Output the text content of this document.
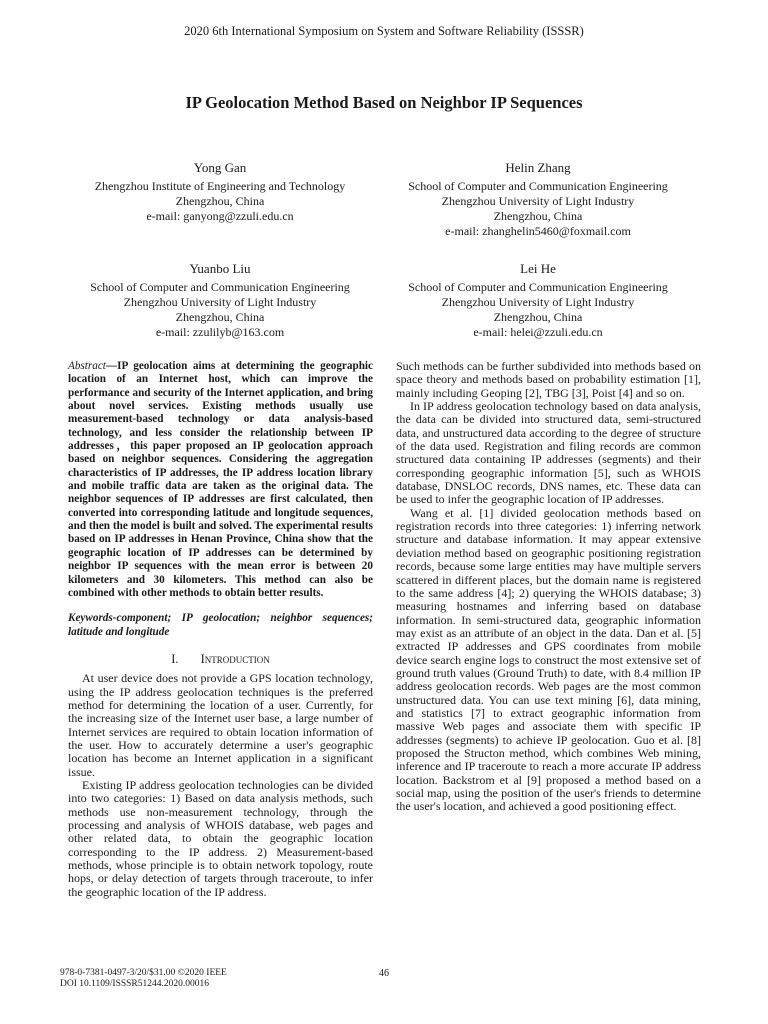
2020 6th International Symposium on System and Software Reliability (ISSSR)
IP Geolocation Method Based on Neighbor IP Sequences
Yong Gan
Zhengzhou Institute of Engineering and Technology
Zhengzhou, China
e-mail: ganyong@zzuli.edu.cn
Helin Zhang
School of Computer and Communication Engineering
Zhengzhou University of Light Industry
Zhengzhou, China
e-mail: zhanghelin5460@foxmail.com
Yuanbo Liu
School of Computer and Communication Engineering
Zhengzhou University of Light Industry
Zhengzhou, China
e-mail: zzulilyb@163.com
Lei He
School of Computer and Communication Engineering
Zhengzhou University of Light Industry
Zhengzhou, China
e-mail: helei@zzuli.edu.cn

Abstract—IP geolocation aims at determining the geographic location of an Internet host, which can improve the performance and security of the Internet application, and bring about novel services. Existing methods usually use measurement-based technology or data analysis-based technology, and less consider the relationship between IP addresses，this paper proposed an IP geolocation approach based on neighbor sequences. Considering the aggregation characteristics of IP addresses, the IP address location library and mobile traffic data are taken as the original data. The neighbor sequences of IP addresses are first calculated, then converted into corresponding latitude and longitude sequences, and then the model is built and solved. The experimental results based on IP addresses in Henan Province, China show that the geographic location of IP addresses can be determined by neighbor IP sequences with the mean error is between 20 kilometers and 30 kilometers. This method can also be combined with other methods to obtain better results.

Keywords-component; IP geolocation; neighbor sequences; latitude and longitude

I. Introduction

At user device does not provide a GPS location technology, using the IP address geolocation techniques is the preferred method for determining the location of a user. Currently, for the increasing size of the Internet user base, a large number of Internet services are required to obtain location information of the user. How to accurately determine a user's geographic location has become an Internet application in a significant issue.

Existing IP address geolocation technologies can be divided into two categories: 1) Based on data analysis methods, such methods use non-measurement technology, through the processing and analysis of WHOIS database, web pages and other related data, to obtain the geographic location corresponding to the IP address. 2) Measurement-based methods, whose principle is to obtain network topology, route hops, or delay detection of targets through traceroute, to infer the geographic location of the IP address.

Such methods can be further subdivided into methods based on space theory and methods based on probability estimation [1], mainly including Geoping [2], TBG [3], Poist [4] and so on.

In IP address geolocation technology based on data analysis, the data can be divided into structured data, semi-structured data, and unstructured data according to the degree of structure of the data used. Registration and filing records are common structured data containing IP addresses (segments) and their corresponding geographic information [5], such as WHOIS database, DNSLOC records, DNS names, etc. These data can be used to infer the geographic location of IP addresses.

Wang et al. [1] divided geolocation methods based on registration records into three categories: 1) inferring network structure and database information. It may appear extensive deviation method based on geographic positioning registration records, because some large entities may have multiple servers scattered in different places, but the domain name is registered to the same address [4]; 2) querying the WHOIS database; 3) measuring hostnames and inferring based on database information. In semi-structured data, geographic information may exist as an attribute of an object in the data. Dan et al. [5] extracted IP addresses and GPS coordinates from mobile device search engine logs to construct the most extensive set of ground truth values (Ground Truth) to date, with 8.4 million IP address geolocation records. Web pages are the most common unstructured data. You can use text mining [6], data mining, and statistics [7] to extract geographic information from massive Web pages and associate them with specific IP addresses (segments) to achieve IP geolocation. Guo et al. [8] proposed the Structon method, which combines Web mining, inference and IP traceroute to reach a more accurate IP address location. Backstrom et al [9] proposed a method based on a social map, using the position of the user's friends to determine the user's location, and achieved a good positioning effect.

978-0-7381-0497-3/20/$31.00 ©2020 IEEE
DOI 10.1109/ISSSR51244.2020.00016
46
